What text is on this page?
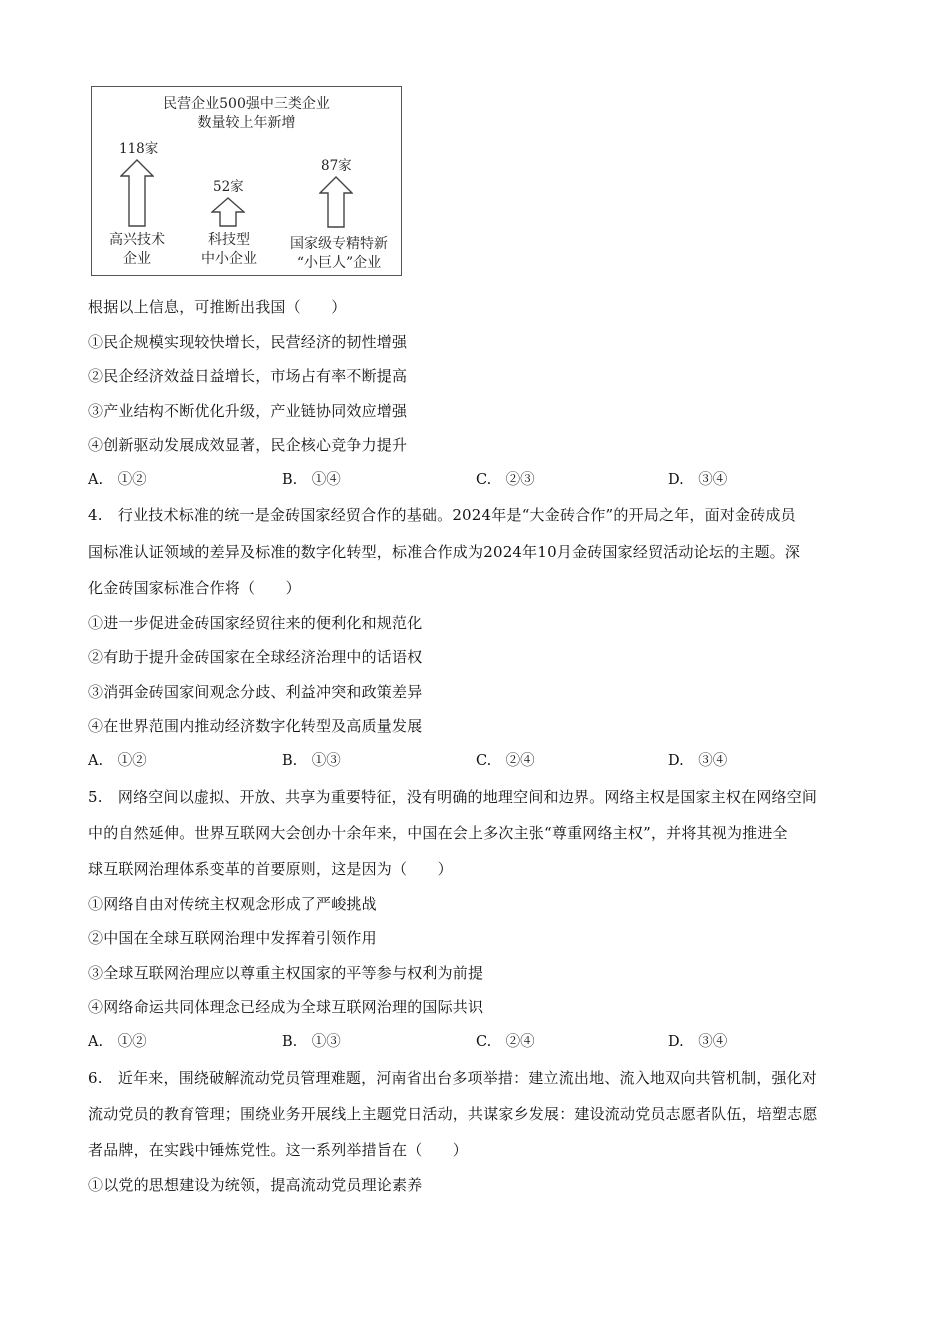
民营企业500强中三类企业
数量较上年新增
118家
52家
87家
高兴技术
企业
科技型
中小企业
国家级专精特新
“小巨人”企业
根据以上信息，可推断出我国（　　）
①民企规模实现较快增长，民营经济的韧性增强
②民企经济效益日益增长，市场占有率不断提高
③产业结构不断优化升级，产业链协同效应增强
④创新驱动发展成效显著，民企核心竞争力提升
A.　①②	B.　①④	C.　②③	D.　③④
4.　行业技术标准的统一是金砖国家经贸合作的基础。2024年是“大金砖合作”的开局之年，面对金砖成员
国标准认证领域的差异及标准的数字化转型，标准合作成为2024年10月金砖国家经贸活动论坛的主题。深
化金砖国家标准合作将（　　）
①进一步促进金砖国家经贸往来的便利化和规范化
②有助于提升金砖国家在全球经济治理中的话语权
③消弭金砖国家间观念分歧、利益冲突和政策差异
④在世界范围内推动经济数字化转型及高质量发展
A.　①②	B.　①③	C.　②④	D.　③④
5.　网络空间以虚拟、开放、共享为重要特征，没有明确的地理空间和边界。网络主权是国家主权在网络空间
中的自然延伸。世界互联网大会创办十余年来，中国在会上多次主张“尊重网络主权”，并将其视为推进全
球互联网治理体系变革的首要原则，这是因为（　　）
①网络自由对传统主权观念形成了严峻挑战
②中国在全球互联网治理中发挥着引领作用
③全球互联网治理应以尊重主权国家的平等参与权利为前提
④网络命运共同体理念已经成为全球互联网治理的国际共识
A.　①②	B.　①③	C.　②④	D.　③④
6.　近年来，围绕破解流动党员管理难题，河南省出台多项举措：建立流出地、流入地双向共管机制，强化对
流动党员的教育管理；围绕业务开展线上主题党日活动，共谋家乡发展：建设流动党员志愿者队伍，培塑志愿
者品牌，在实践中锤炼党性。这一系列举措旨在（　　）
①以党的思想建设为统领，提高流动党员理论素养
